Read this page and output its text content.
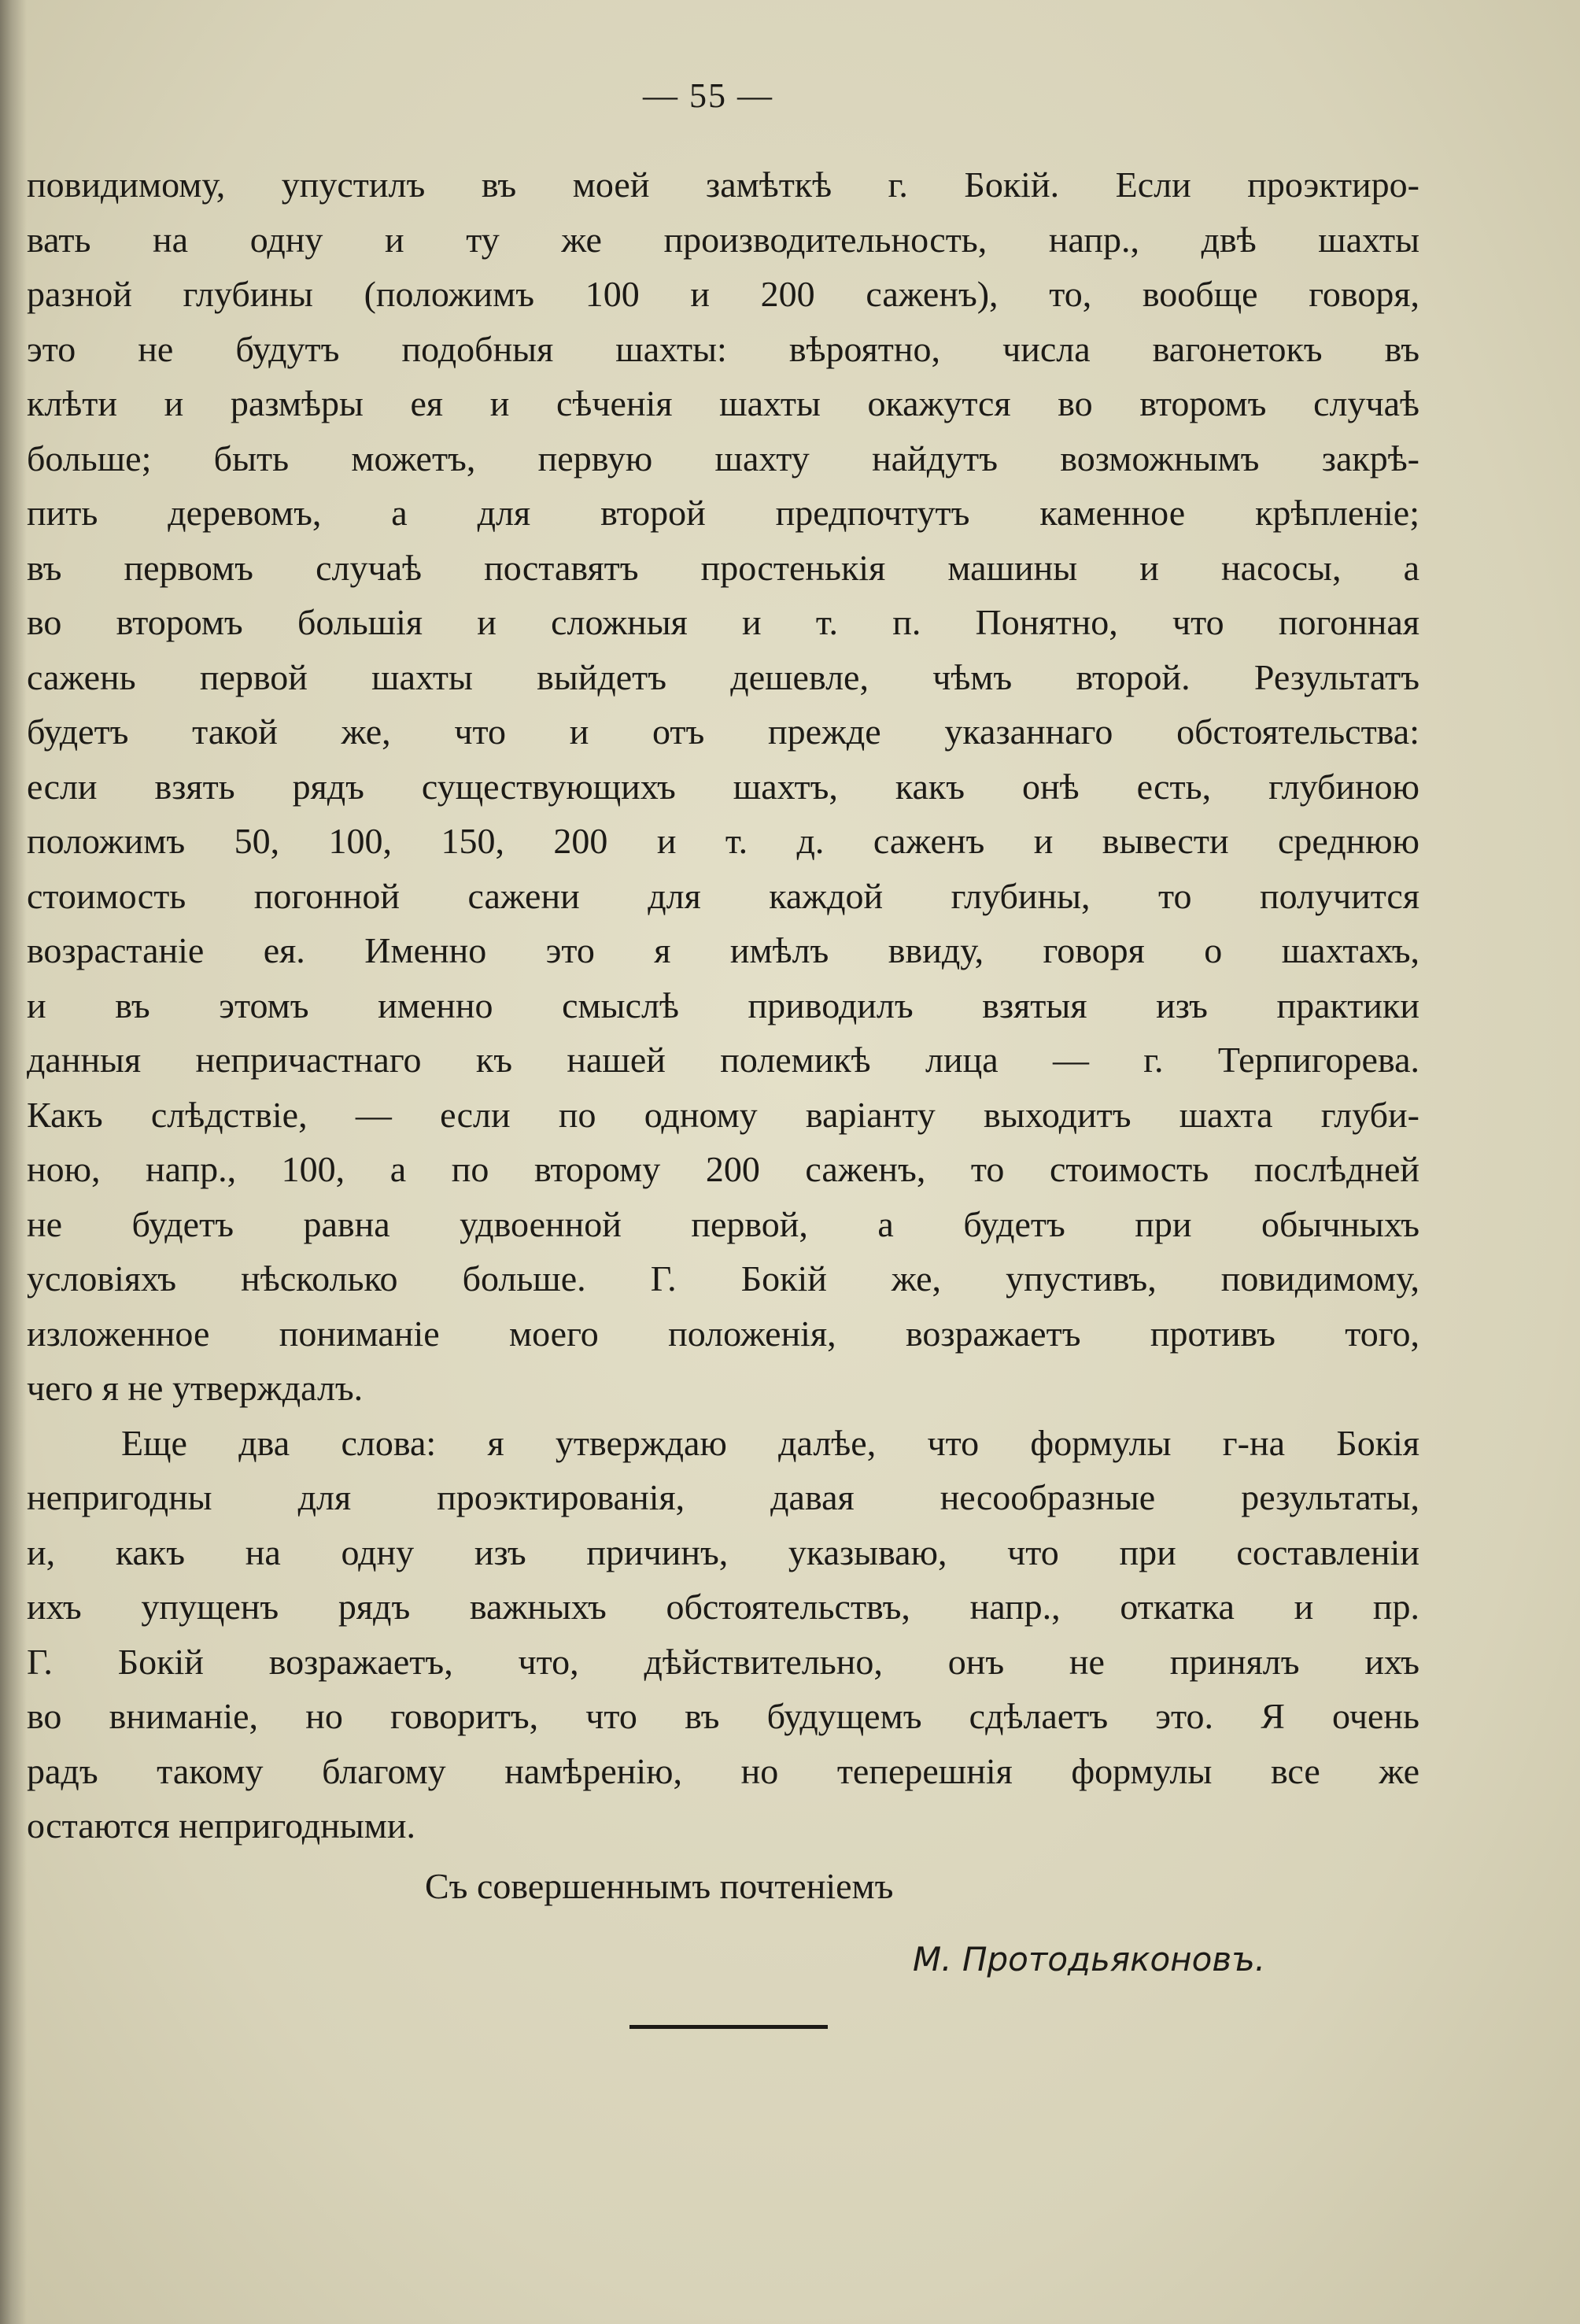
— 55 —
повидимому, упустилъ въ моей замѣткѣ г. Бокій. Если проэктиро-
вать на одну и ту же производительность, напр., двѣ шахты
разной глубины (положимъ 100 и 200 саженъ), то, вообще говоря,
это не будутъ подобныя шахты: вѣроятно, числа вагонетокъ въ
клѣти и размѣры ея и сѣченія шахты окажутся во второмъ случаѣ
больше; быть можетъ, первую шахту найдутъ возможнымъ закрѣ-
пить деревомъ, а для второй предпочтутъ каменное крѣпленіе;
въ первомъ случаѣ поставятъ простенькія машины и насосы, а
во второмъ большія и сложныя и т. п. Понятно, что погонная
сажень первой шахты выйдетъ дешевле, чѣмъ второй. Результатъ
будетъ такой же, что и отъ прежде указаннаго обстоятельства:
если взять рядъ существующихъ шахтъ, какъ онѣ есть, глубиною
положимъ 50, 100, 150, 200 и т. д. саженъ и вывести среднюю
стоимость погонной сажени для каждой глубины, то получится
возрастаніе ея. Именно это я имѣлъ ввиду, говоря о шахтахъ,
и въ этомъ именно смыслѣ приводилъ взятыя изъ практики
данныя непричастнаго къ нашей полемикѣ лица — г. Терпигорева.
Какъ слѣдствіе, — если по одному варіанту выходитъ шахта глуби-
ною, напр., 100, а по второму 200 саженъ, то стоимость послѣдней
не будетъ равна удвоенной первой, а будетъ при обычныхъ
условіяхъ нѣсколько больше. Г. Бокій же, упустивъ, повидимому,
изложенное пониманіе моего положенія, возражаетъ противъ того,
чего я не утверждалъ.
Еще два слова: я утверждаю далѣе, что формулы г-на Бокія
непригодны для проэктированія, давая несообразные результаты,
и, какъ на одну изъ причинъ, указываю, что при составленіи
ихъ упущенъ рядъ важныхъ обстоятельствъ, напр., откатка и пр.
Г. Бокій возражаетъ, что, дѣйствительно, онъ не принялъ ихъ
во вниманіе, но говоритъ, что въ будущемъ сдѣлаетъ это. Я очень
радъ такому благому намѣренію, но теперешнія формулы все же
остаются непригодными.
Съ совершеннымъ почтеніемъ
М. Протодьяконовъ.
